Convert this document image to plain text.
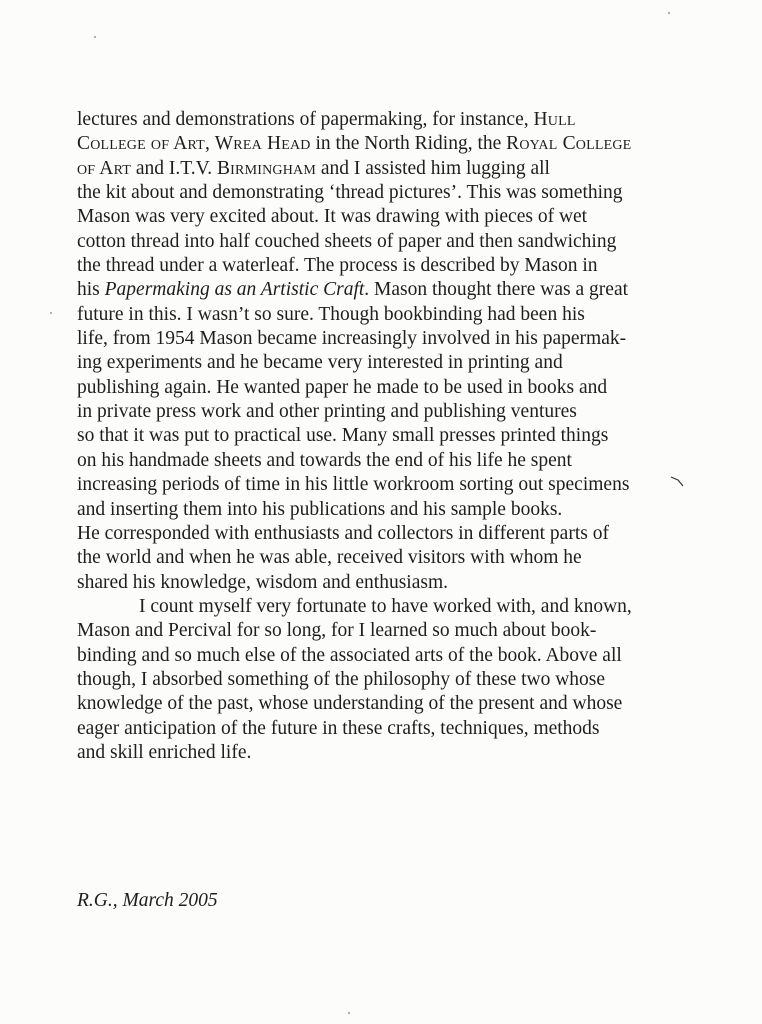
lectures and demonstrations of papermaking, for instance, Hull
College of Art, Wrea Head in the North Riding, the Royal College
of Art and I.T.V. Birmingham and I assisted him lugging all
the kit about and demonstrating ‘thread pictures’. This was something
Mason was very excited about. It was drawing with pieces of wet
cotton thread into half couched sheets of paper and then sandwiching
the thread under a waterleaf. The process is described by Mason in
his Papermaking as an Artistic Craft. Mason thought there was a great
future in this. I wasn’t so sure. Though bookbinding had been his
life, from 1954 Mason became increasingly involved in his papermak-
ing experiments and he became very interested in printing and
publishing again. He wanted paper he made to be used in books and
in private press work and other printing and publishing ventures
so that it was put to practical use. Many small presses printed things
on his handmade sheets and towards the end of his life he spent
increasing periods of time in his little workroom sorting out specimens
and inserting them into his publications and his sample books.
He corresponded with enthusiasts and collectors in different parts of
the world and when he was able, received visitors with whom he
shared his knowledge, wisdom and enthusiasm.
I count myself very fortunate to have worked with, and known,
Mason and Percival for so long, for I learned so much about book-
binding and so much else of the associated arts of the book. Above all
though, I absorbed something of the philosophy of these two whose
knowledge of the past, whose understanding of the present and whose
eager anticipation of the future in these crafts, techniques, methods
and skill enriched life.
R.G., March 2005
